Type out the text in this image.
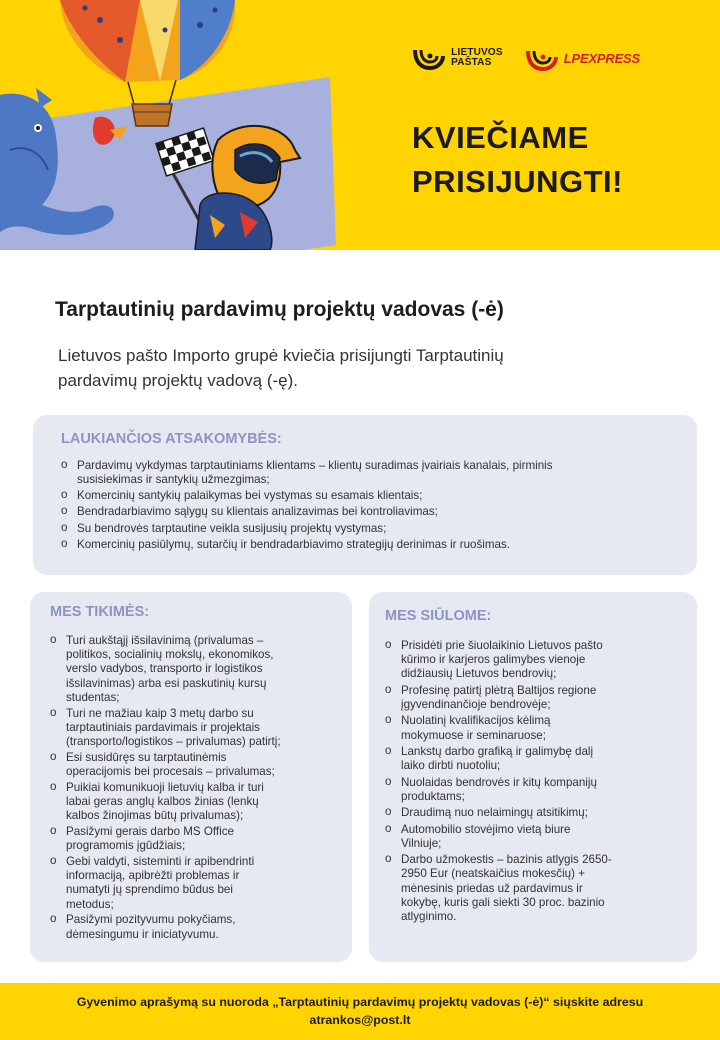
LIETUVOS
PAŠTAS	LPEXPRESS
KVIEČIAME
PRISIJUNGTI!
Tarptautinių pardavimų projektų vadovas (-ė)
Lietuvos pašto Importo grupė kviečia prisijungti Tarptautinių
pardavimų projektų vadovą (-ę).
LAUKIANČIOS ATSAKOMYBĖS:
o Pardavimų vykdymas tarptautiniams klientams – klientų suradimas įvairiais kanalais, pirminis
susisiekimas ir santykių užmezgimas;
o Komercinių santykių palaikymas bei vystymas su esamais klientais;
o Bendradarbiavimo sąlygų su klientais analizavimas bei kontroliavimas;
o Su bendrovės tarptautine veikla susijusių projektų vystymas;
o Komercinių pasiūlymų, sutarčių ir bendradarbiavimo strategijų derinimas ir ruošimas.
MES TIKIMĖS:
o Turi aukštąjį išsilavinimą (privalumas –
politikos, socialinių mokslų, ekonomikos,
verslo vadybos, transporto ir logistikos
išsilavinimas) arba esi paskutinių kursų
studentas;
o Turi ne mažiau kaip 3 metų darbo su
tarptautiniais pardavimais ir projektais
(transporto/logistikos – privalumas) patirtį;
o Esi susidūręs su tarptautinėmis
operacijomis bei procesais – privalumas;
o Puikiai komunikuoji lietuvių kalba ir turi
labai geras anglų kalbos žinias (lenkų
kalbos žinojimas būtų privalumas);
o Pasižymi gerais darbo MS Office
programomis įgūdžiais;
o Gebi valdyti, sisteminti ir apibendrinti
informaciją, apibrėžti problemas ir
numatyti jų sprendimo būdus bei
metodus;
o Pasižymi pozityvumu pokyčiams,
dėmesingumu ir iniciatyvumu.
MES SIŪLOME:
o Prisidėti prie šiuolaikinio Lietuvos pašto
kūrimo ir karjeros galimybes vienoje
didžiausių Lietuvos bendrovių;
o Profesinę patirtį plėtrą Baltijos regione
įgyvendinančioje bendrovėje;
o Nuolatinį kvalifikacijos kėlimą
mokymuose ir seminaruose;
o Lankstų darbo grafiką ir galimybę dalį
laiko dirbti nuotoliu;
o Nuolaidas bendrovės ir kitų kompanijų
produktams;
o Draudimą nuo nelaimingų atsitikimų;
o Automobilio stovėjimo vietą biure
Vilniuje;
o Darbo užmokestis – bazinis atlygis 2650-
2950 Eur (neatskaičius mokesčių) +
mėnesinis priedas už pardavimus ir
kokybę, kuris gali siekti 30 proc. bazinio
atlyginimo.

Gyvenimo aprašymą su nuoroda „Tarptautinių pardavimų projektų vadovas (-ė)“ siųskite adresu

atrankos@post.lt
